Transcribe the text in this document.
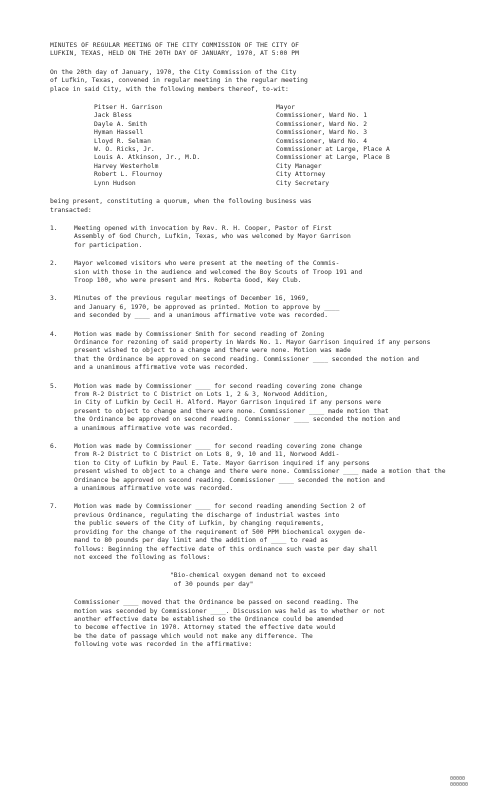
MINUTES OF REGULAR MEETING OF THE CITY COMMISSION OF THE CITY OF
LUFKIN, TEXAS, HELD ON THE 20TH DAY OF JANUARY, 1970, AT 5:00 PM
On the 20th day of January, 1970, the City Commission of the City
of Lufkin, Texas, convened in regular meeting in the regular meeting
place in said City, with the following members thereof, to-wit:
Pitser H. Garrison	Mayor
Jack Bless	Commissioner, Ward No. 1
Dayle A. Smith	Commissioner, Ward No. 2
Hyman Hassell	Commissioner, Ward No. 3
Lloyd R. Selman	Commissioner, Ward No. 4
W. O. Ricks, Jr.	Commissioner at Large, Place A
Louis A. Atkinson, Jr., M.D.	Commissioner at Large, Place B
Harvey Westerholm	City Manager
Robert L. Flournoy	City Attorney
Lynn Hudson	City Secretary
being present, constituting a quorum, when the following business was
transacted:
1.	Meeting opened with invocation by Rev. R. H. Cooper, Pastor of First
Assembly of God Church, Lufkin, Texas, who was welcomed by Mayor Garrison
for participation.
2.	Mayor welcomed visitors who were present at the meeting of the Commis-
sion with those in the audience and welcomed the Boy Scouts of Troop 191 and
Troop 100, who were present and Mrs. Roberta Good, Key Club.
3.	Minutes of the previous regular meetings of December 16, 1969,
and January 6, 1970, be approved as printed. Motion to approve by ____
and seconded by ____ and a unanimous affirmative vote was recorded.
4.	Motion was made by Commissioner Smith for second reading of Zoning
Ordinance for rezoning of said property in Wards No. 1. Mayor Garrison inquired if any persons
present wished to object to a change and there were none. Motion was made
that the Ordinance be approved on second reading. Commissioner ____ seconded the motion and
and a unanimous affirmative vote was recorded.
5.	Motion was made by Commissioner ____ for second reading covering zone change
from R-2 District to C District on Lots 1, 2 & 3, Norwood Addition,
in City of Lufkin by Cecil H. Alford. Mayor Garrison inquired if any persons were
present to object to change and there were none. Commissioner ____ made motion that
the Ordinance be approved on second reading. Commissioner ____ seconded the motion and
a unanimous affirmative vote was recorded.
6.	Motion was made by Commissioner ____ for second reading covering zone change
from R-2 District to C District on Lots 8, 9, 10 and 11, Norwood Addi-
tion to City of Lufkin by Paul E. Tate. Mayor Garrison inquired if any persons
present wished to object to a change and there were none. Commissioner ____ made a motion that the
Ordinance be approved on second reading. Commissioner ____ seconded the motion and
a unanimous affirmative vote was recorded.
7.	Motion was made by Commissioner ____ for second reading amending Section 2 of
previous Ordinance, regulating the discharge of industrial wastes into
the public sewers of the City of Lufkin, by changing requirements,
providing for the change of the requirement of 500 PPM biochemical oxygen de-
mand to 80 pounds per day limit and the addition of ____ to read as
follows: Beginning the effective date of this ordinance such waste per day shall
not exceed the following as follows:
"Bio-chemical oxygen demand not to exceed
of 30 pounds per day"
Commissioner ____ moved that the Ordinance be passed on second reading. The
motion was seconded by Commissioner ____. Discussion was held as to whether or not
another effective date be established so the Ordinance could be amended
to become effective in 1970. Attorney stated the effective date would
be the date of passage which would not make any difference. The
following vote was recorded in the affirmative:
00000
000000
